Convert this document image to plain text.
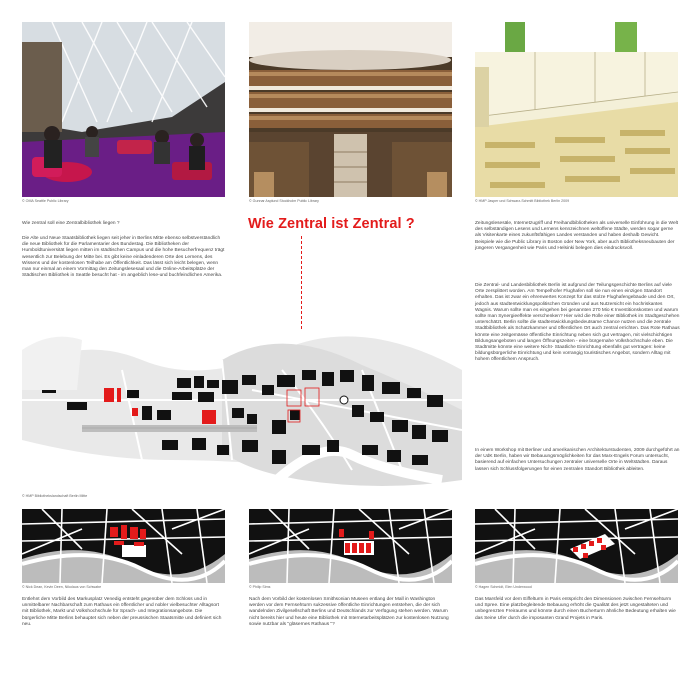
© OMA Seattle Public Library	© Gunnar Asplund Stockholm Public Library	© HMP Jasper und Schwarz-Schmitt Bibliothek Berlin 2009

Wie zentral soll eine Zentralbibliothek liegen ?

Die Alte und Neue Staatsbibliothek liegen seit jeher in Berlins Mitte ebenso selbstverständlich die neue Bibliothek für die Parlamentarier des Bundestag. Die Bibliotheken der Humboldtuniversität liegen mitten im städtischen Campus und die hohe Besucherfrequenz trägt wesentlich zur Belebung der Mitte bei. Es gibt keine einladenderen Orte des Lernens, des Wissens und der kostenlosen Teilhabe am Öffentlichkeit. Das lässt sich leicht belegen, wenn man nur einmal an einem Vormittag den Zeitungslesesaal und die Online-Arbeitsplätze der Städtischen Bibliothek in Seattle besucht hat - im angeblich lese-und buchfeindlichen Amerika.

Wie Zentral ist Zentral ?	Zeitungslesesäle, Internetzugriff und Freihandbibliotheken als universelle Einführung in die Welt des selbständigen Lesens und Lernens kennzeichnen weltoffene Städte, werden sogar gerne als Visitenkarte eines zukunftsfähigen Landes verstanden und haben deshalb Gewicht. Beispiele wie die Public Library in Boston oder New York, aber auch Bibliotheksneubauten der jüngeren Vergangenheit wie Paris und Helsinki belegen dies eindrucksvoll.

Die Zentral- und Landesbibliothek Berlin ist aufgrund der Teilungsgeschichte Berlins auf viele Orte zersplittert worden. Am Tempelhofer Flughafen soll sie nun einen einzigen Standort erhalten. Das ist zwar ein ehrenwertes Konzept für das stolze Flughafengebäude und den Ort, jedoch aus stadtentwicklungspolitischen Gründen und aus Nutzersicht ein hochriskantes Wagnis. Warum sollte man es eingehen bei genannten 270 Mio € Investitionskosten und warum sollte man Synergieeffekte verschenken? Hier wird die Rolle einer Bibliothek im Stadtgeschehen unterschätzt. Berlin sollte die stadtentwicklungsbedeutsame Chance nutzen und die zentrale Stadtbibliothek als Schatzkammer und öffentlichen Ort auch zentral errichten. Das Rote Rathaus könnte eine zeitgemässe öffentliche Einrichtung neben sich gut vertragen, mit vielschichtigen Bildungsangeboten und langen Öffnungszeiten - eine bürgernahe Volkshochschule eben. Die Stadtmitte könnte eine weitere Nicht- Staatliche Einrichtung ebenfalls gut vertragen: keine bildungsbürgerliche Einrichtung und kein vorrangig touristisches Angebot, sondern Alltag mit hohem öffentlichem Anspruch.

In einem Workshop mit Berliner und amerikanischen Architekturstudenten, 2009 durchgeführt an der UdK Berlin, haben wir Bebauungsmöglichkeiten für das Marx-Engels Forum untersucht, basierend auf einfachen Untersuchungen zentraler universelle Orte in Weltstädten. Daraus lassen sich Schlussfolgerungen für einen zentralen Standort Bibliothek ableiten.

© HMP Bibliothekslandschaft Berlin Mitte
© Nick Dean, Kevin Deen, Nikolaus von Schwabe

Entlehnt dem Vorbild des Markusplatz Venedig entsteht gegenüber dem Schloss und in unmittelbarer Nachbarschaft zum Rathaus ein öffentlicher und nobler vielbesuchter Alltagsort mit Bibliothek, Markt und Volkshochschule für Sprach- und Integrationsangebote. Die bürgerliche Mitte Berlins behauptet sich neben der preussischen Staatsmitte und definiert sich neu.

© Philip Sims

Nach dem Vorbild der kostenlosen Smithsonian Museen entlang der Mall in Washington werden vor dem Fernsehturm sukzessive öffentliche Einrichtungen entstehen, die der sich wandelnden Zivilgesellschaft Berlins und Deutschlands zur Verfügung stehen werden. Warum nicht bereits hier und heute eine Bibliothek mit Internetarbeitsplätzen zur kostenlosen Nutzung sowie nutzbar als "gläsernes Rathaus "?

© Hagen Schmidt, Elen Underwood

Das Marsfeld vor dem Eiffelturm in Paris entspricht den Dimensionen zwischen Fernsehturm und Spree. Eine platzbegleitende Bebauung erhöht die Qualität des jetzt ungestalteten und unbegrenzten Freiraums und könnte durch einen Bucherturm ähnliche Bedeutung erhalten wie das Seine Ufer durch die imposanten Grand Projets in Paris.
